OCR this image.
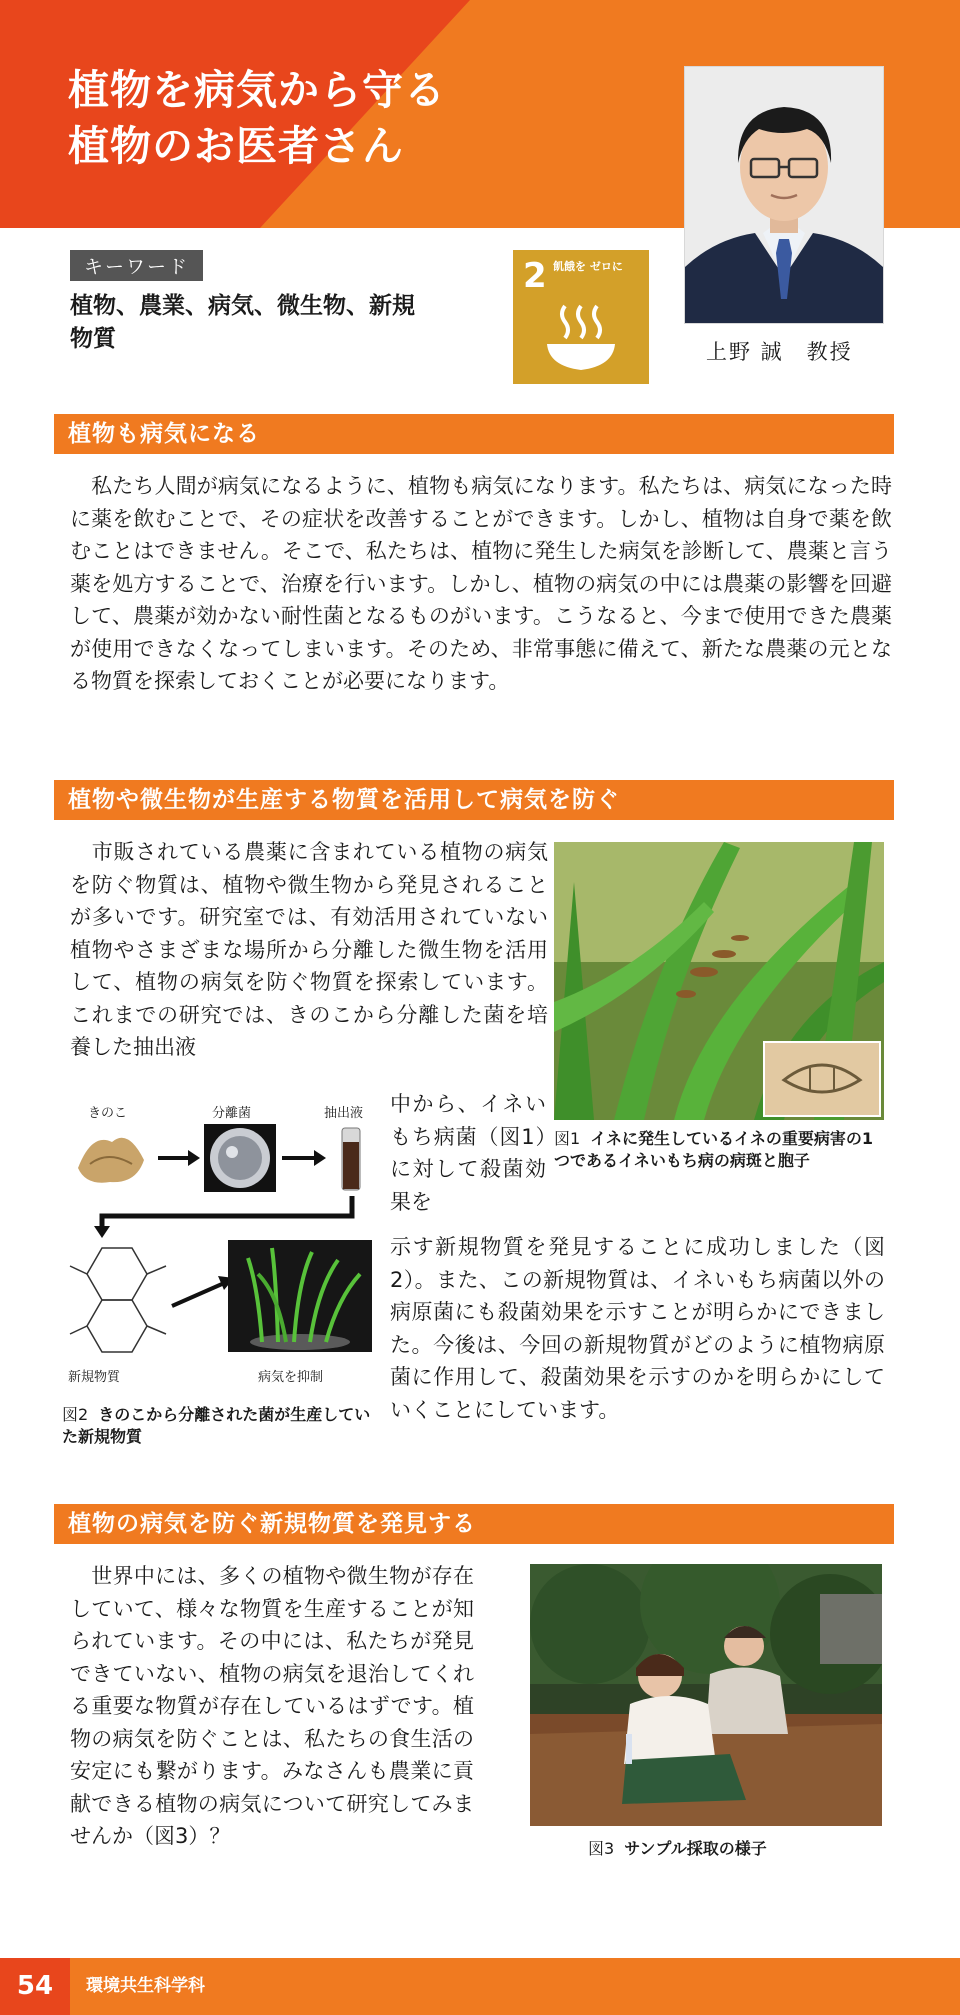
植物を病気から守る
植物のお医者さん
上野 誠　教授
キーワード
植物、農業、病気、微生物、新規物質
2 飢餓を ゼロに
植物も病気になる

　私たち人間が病気になるように、植物も病気になります。私たちは、病気になった時に薬を飲むことで、その症状を改善することができます。しかし、植物は自身で薬を飲むことはできません。そこで、私たちは、植物に発生した病気を診断して、農薬と言う薬を処方することで、治療を行います。しかし、植物の病気の中には農薬の影響を回避して、農薬が効かない耐性菌となるものがいます。こうなると、今まで使用できた農薬が使用できなくなってしまいます。そのため、非常事態に備えて、新たな農薬の元となる物質を探索しておくことが必要になります。

植物や微生物が生産する物質を活用して病気を防ぐ

　市販されている農薬に含まれている植物の病気を防ぐ物質は、植物や微生物から発見されることが多いです。研究室では、有効活用されていない植物やさまざまな場所から分離した微生物を活用して、植物の病気を防ぐ物質を探索しています。これまでの研究では、きのこから分離した菌を培養した抽出液

中から、イネいもち病菌（図1）に対して殺菌効果を

示す新規物質を発見することに成功しました（図2）。また、この新規物質は、イネいもち病菌以外の病原菌にも殺菌効果を示すことが明らかにできました。今後は、今回の新規物質がどのように植物病原菌に作用して、殺菌効果を示すのかを明らかにしていくことにしています。

図1 イネに発生しているイネの重要病害の1つであるイネいもち病の病斑と胞子
きのこ	分離菌	抽出液
新規物質	病気を抑制
図2 きのこから分離された菌が生産していた新規物質
植物の病気を防ぐ新規物質を発見する

　世界中には、多くの植物や微生物が存在していて、様々な物質を生産することが知られています。その中には、私たちが発見できていない、植物の病気を退治してくれる重要な物質が存在しているはずです。植物の病気を防ぐことは、私たちの食生活の安定にも繋がります。みなさんも農業に貢献できる植物の病気について研究してみませんか（図3）？

図3 サンプル採取の様子
54	環境共生科学科
